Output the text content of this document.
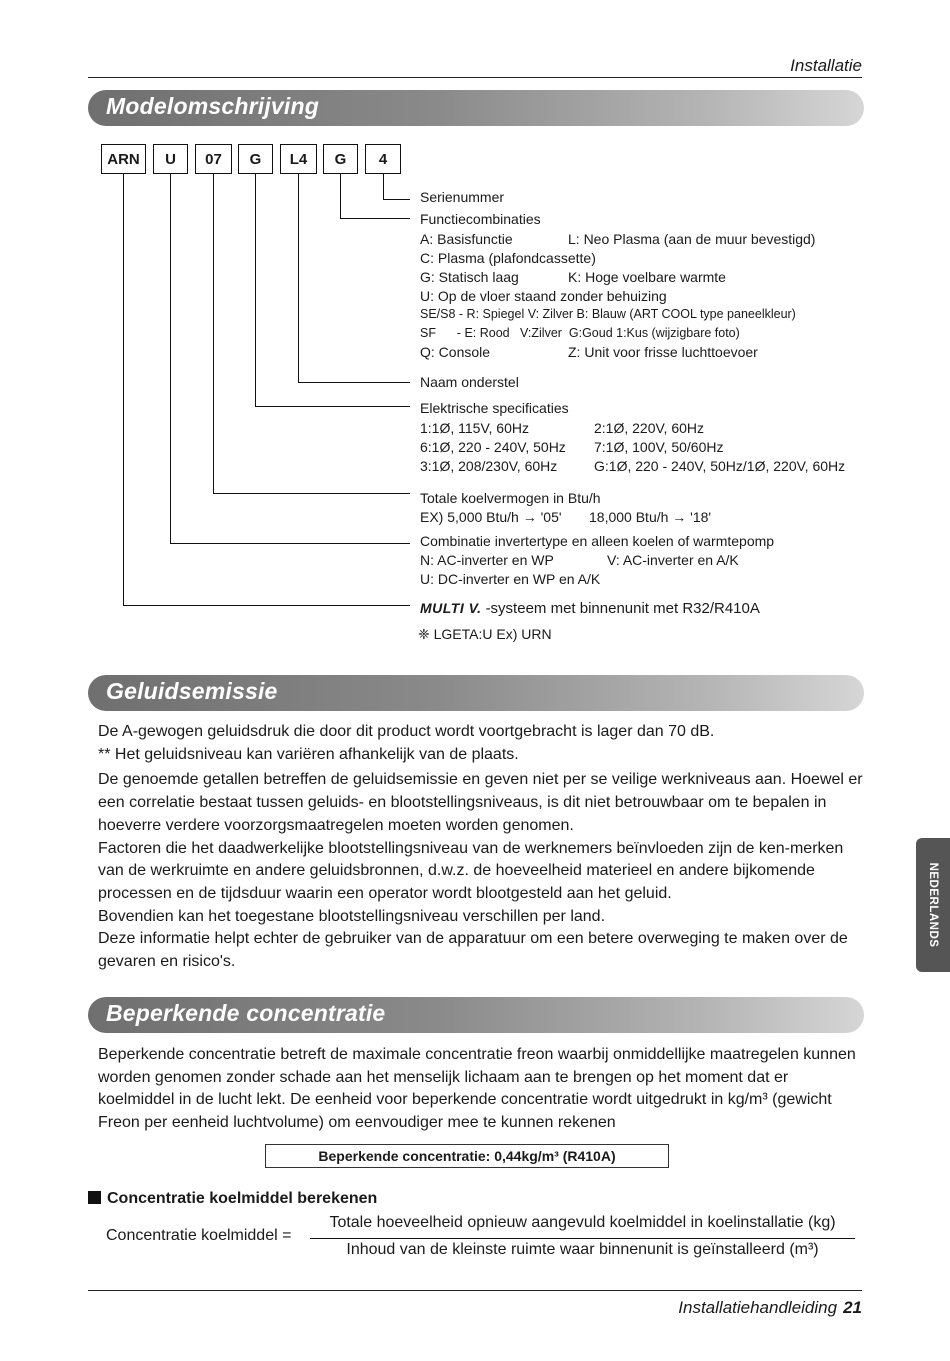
Installatie
Modelomschrijving
ARN	U	07	G	L4	G	4
Serienummer
Functiecombinaties
A: Basisfunctie	L: Neo Plasma (aan de muur bevestigd)
C: Plasma (plafondcassette)
G: Statisch laag	K: Hoge voelbare warmte
U: Op de vloer staand zonder behuizing
SE/S8 - R: Spiegel V: Zilver B: Blauw (ART COOL type paneelkleur)
SF      - E: Rood   V:Zilver  G:Goud 1:Kus (wijzigbare foto)
Q: Console	Z: Unit voor frisse luchttoevoer
Naam onderstel
Elektrische specificaties
1:1Ø, 115V, 60Hz	2:1Ø, 220V, 60Hz
6:1Ø, 220 - 240V, 50Hz 7:1Ø, 100V, 50/60Hz
3:1Ø, 208/230V, 60Hz	G:1Ø, 220 - 240V, 50Hz/1Ø, 220V, 60Hz
Totale koelvermogen in Btu/h
EX) 5,000 Btu/h → '05' 18,000 Btu/h → '18'
Combinatie invertertype en alleen koelen of warmtepomp
N: AC-inverter en WP	V: AC-inverter en A/K
U: DC-inverter en WP en A/K
MULTI V. -systeem met binnenunit met R32/R410A
❈ LGETA:U Ex) URN
Geluidsemissie

De A-gewogen geluidsdruk die door dit product wordt voortgebracht is lager dan 70 dB.

** Het geluidsniveau kan variëren afhankelijk van de plaats.

De genoemde getallen betreffen de geluidsemissie en geven niet per se veilige werkniveaus aan. Hoewel er een correlatie bestaat tussen geluids- en blootstellingsniveaus, is dit niet betrouwbaar om te bepalen in hoeverre verdere voorzorgsmaatregelen moeten worden genomen.

Factoren die het daadwerkelijke blootstellingsniveau van de werknemers beïnvloeden zijn de ken-merken van de werkruimte en andere geluidsbronnen, d.w.z. de hoeveelheid materieel en andere bijkomende processen en de tijdsduur waarin een operator wordt blootgesteld aan het geluid.

Bovendien kan het toegestane blootstellingsniveau verschillen per land.

Deze informatie helpt echter de gebruiker van de apparatuur om een betere overweging te maken over de gevaren en risico's.

Beperkende concentratie

Beperkende concentratie betreft de maximale concentratie freon waarbij onmiddellijke maatregelen kunnen worden genomen zonder schade aan het menselijk lichaam aan te brengen op het moment dat er koelmiddel in de lucht lekt. De eenheid voor beperkende concentratie wordt uitgedrukt in kg/m³ (gewicht Freon per eenheid luchtvolume) om eenvoudiger mee te kunnen rekenen

Beperkende concentratie: 0,44kg/m³ (R410A)
Concentratie koelmiddel berekenen
Concentratie koelmiddel =
Totale hoeveelheid opnieuw aangevuld koelmiddel in koelinstallatie (kg)
Inhoud van de kleinste ruimte waar binnenunit is geïnstalleerd (m³)
NEDERLANDS
Installatiehandleiding 21
